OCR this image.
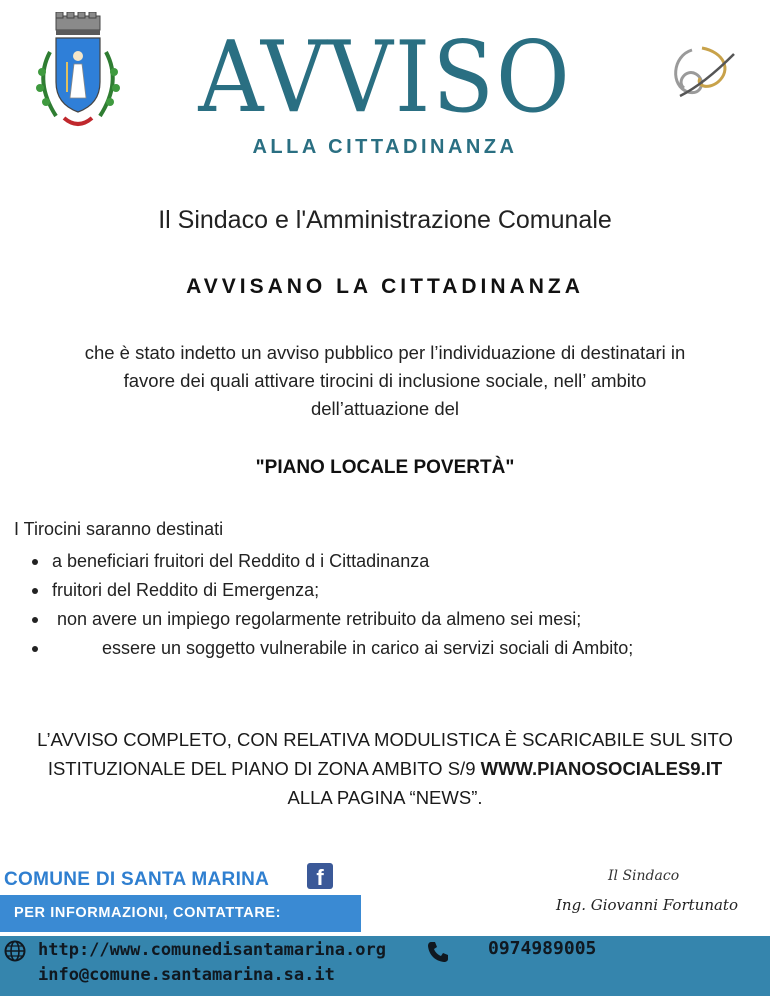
AVVISO
ALLA CITTADINANZA
Il Sindaco e l'Amministrazione Comunale
AVVISANO LA CITTADINANZA
che è stato indetto un avviso pubblico per l’individuazione di destinatari in
favore dei quali attivare tirocini di inclusione sociale, nell’ ambito
dell’attuazione del
"PIANO LOCALE POVERTÀ"
I Tirocini saranno destinati
a beneficiari fruitori del Reddito d i Cittadinanza
fruitori del Reddito di Emergenza;
non avere un impiego regolarmente retribuito da almeno sei mesi;
essere un soggetto vulnerabile in carico ai servizi sociali di Ambito;
L’AVVISO COMPLETO, CON RELATIVA MODULISTICA È SCARICABILE SUL SITO
ISTITUZIONALE DEL PIANO DI ZONA AMBITO S/9 WWW.PIANOSOCIALES9.IT
ALLA PAGINA “NEWS”.
COMUNE DI SANTA MARINA	f
PER INFORMAZIONI, CONTATTARE:
Il Sindaco
Ing. Giovanni Fortunato
http://www.comunedisantamarina.org
info@comune.santamarina.sa.it
0974989005
